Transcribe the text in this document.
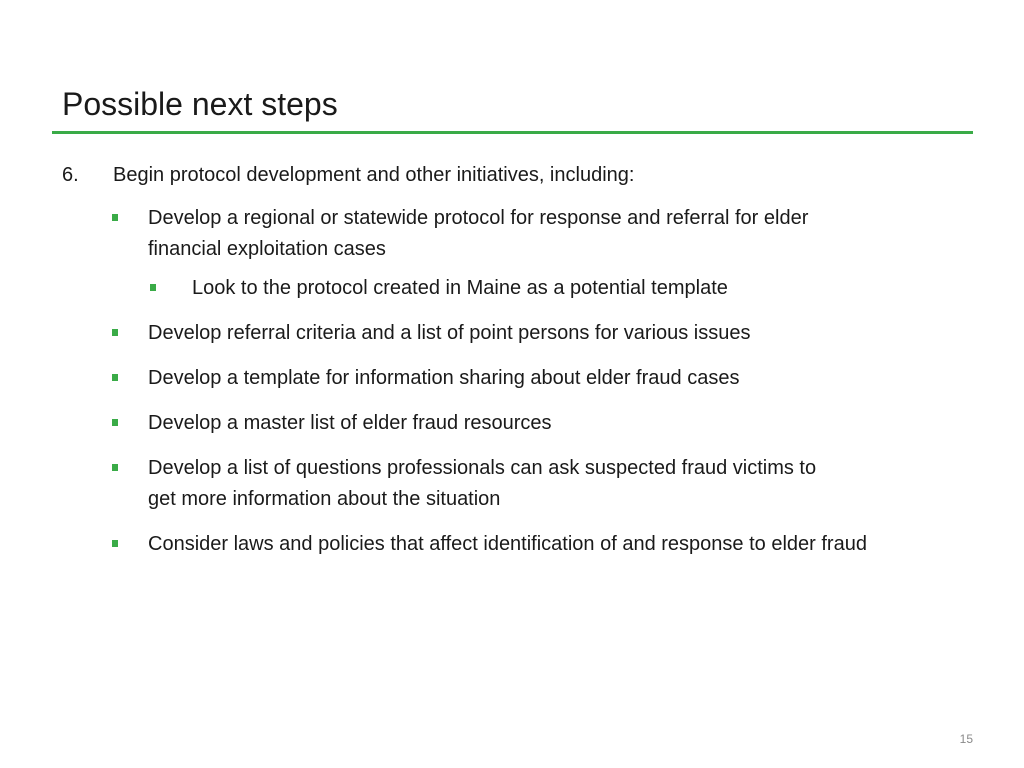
Possible next steps
6. Begin protocol development and other initiatives, including:
Develop a regional or statewide protocol for response and referral for elder financial exploitation cases
Look to the protocol created in Maine as a potential template
Develop referral criteria and a list of point persons for various issues
Develop a template for information sharing about elder fraud cases
Develop a master list of elder fraud resources
Develop a list of questions professionals can ask suspected fraud victims to get more information about the situation
Consider laws and policies that affect identification of and response to elder fraud
15
